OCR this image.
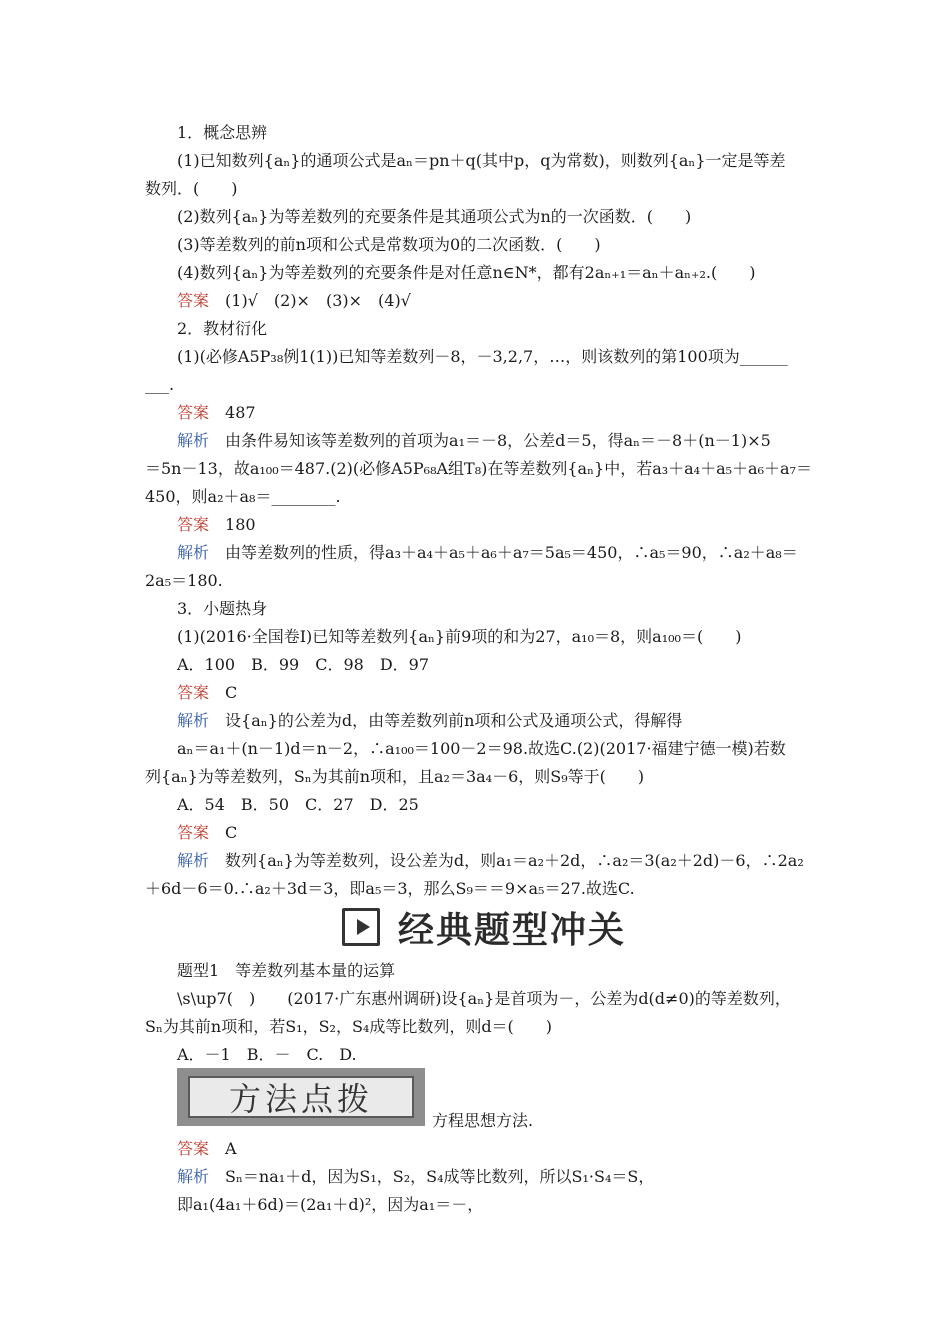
1．概念思辨
(1)已知数列{aₙ}的通项公式是aₙ＝pn＋q(其中p，q为常数)，则数列{aₙ}一定是等差
数列．(　　)
(2)数列{aₙ}为等差数列的充要条件是其通项公式为n的一次函数．(　　)
(3)等差数列的前n项和公式是常数项为0的二次函数．(　　)
(4)数列{aₙ}为等差数列的充要条件是对任意n∈N*，都有2aₙ₊₁＝aₙ＋aₙ₊₂.(　　)
答案　 (1)√　(2)×　(3)×　(4)√
2．教材衍化
(1)(必修A5P₃₈例1(1))已知等差数列－8，－3,2,7，…，则该数列的第100项为______
___.
答案　 487
解析　 由条件易知该等差数列的首项为a₁＝－8，公差d＝5，得aₙ＝－8＋(n－1)×5
＝5n－13，故a₁₀₀＝487.(2)(必修A5P₆₈A组T₈)在等差数列{aₙ}中，若a₃＋a₄＋a₅＋a₆＋a₇＝
450，则a₂＋a₈＝________.
答案　 180
解析　 由等差数列的性质，得a₃＋a₄＋a₅＋a₆＋a₇＝5a₅＝450，∴a₅＝90，∴a₂＋a₈＝
2a₅＝180.
3．小题热身
(1)(2016·全国卷Ⅰ)已知等差数列{aₙ}前9项的和为27，a₁₀＝8，则a₁₀₀＝(　　)
A．100　B．99　C．98　D．97
答案　 C
解析　 设{aₙ}的公差为d，由等差数列前n项和公式及通项公式，得解得
aₙ＝a₁＋(n－1)d＝n－2，∴a₁₀₀＝100－2＝98.故选C.(2)(2017·福建宁德一模)若数
列{aₙ}为等差数列，Sₙ为其前n项和，且a₂＝3a₄－6，则S₉等于(　　)
A．54　B．50　C．27　D．25
答案　 C
解析　 数列{aₙ}为等差数列，设公差为d，则a₁＝a₂＋2d，∴a₂＝3(a₂＋2d)－6，∴2a₂
＋6d－6＝0.∴a₂＋3d＝3，即a₅＝3，那么S₉＝＝9×a₅＝27.故选C.
经典题型冲关
题型1　等差数列基本量的运算
\s\up7(　)　　(2017·广东惠州调研)设{aₙ}是首项为－，公差为d(d≠0)的等差数列，
Sₙ为其前n项和，若S₁，S₂，S₄成等比数列，则d＝(　　)
A．－1　B．－　C.　D.
方法点拨
方程思想方法.
答案　 A
解析　 Sₙ＝na₁＋d，因为S₁，S₂，S₄成等比数列，所以S₁·S₄＝S，
即a₁(4a₁＋6d)＝(2a₁＋d)²，因为a₁＝－，
